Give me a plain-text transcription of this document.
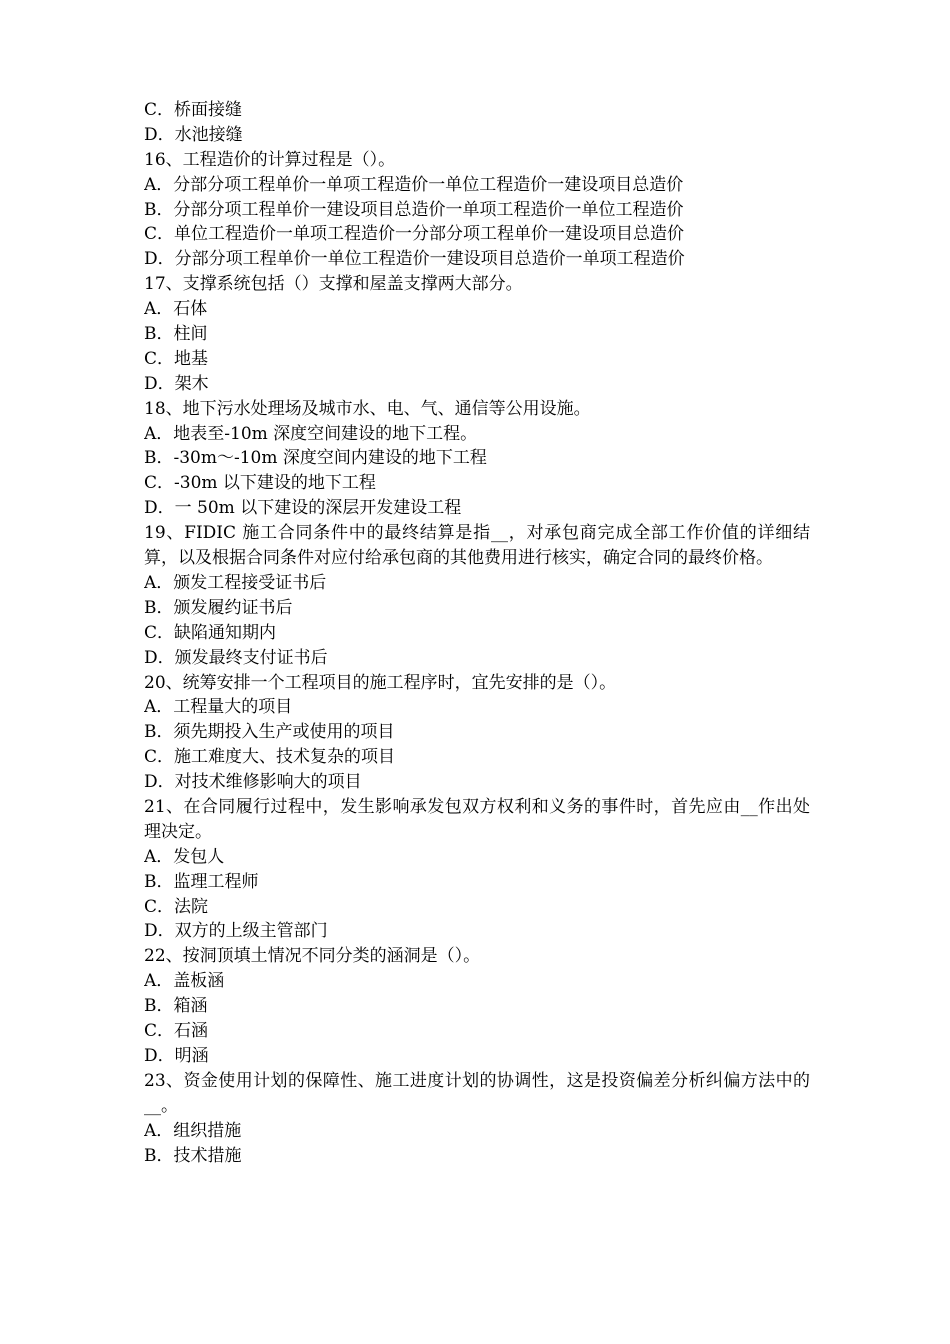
C．桥面接缝
D．水池接缝
16、工程造价的计算过程是（）。
A．分部分项工程单价一单项工程造价一单位工程造价一建设项目总造价
B．分部分项工程单价一建设项目总造价一单项工程造价一单位工程造价
C．单位工程造价一单项工程造价一分部分项工程单价一建设项目总造价
D．分部分项工程单价一单位工程造价一建设项目总造价一单项工程造价
17、支撑系统包括（）支撑和屋盖支撑两大部分。
A．石体
B．柱间
C．地基
D．架木
18、地下污水处理场及城市水、电、气、通信等公用设施。
A．地表至-10m 深度空间建设的地下工程。
B．-30m～-10m 深度空间内建设的地下工程
C．-30m 以下建设的地下工程
D．一 50m 以下建设的深层开发建设工程
19、FIDIC 施工合同条件中的最终结算是指__，对承包商完成全部工作价值的详细结算，以及根据合同条件对应付给承包商的其他费用进行核实，确定合同的最终价格。
A．颁发工程接受证书后
B．颁发履约证书后
C．缺陷通知期内
D．颁发最终支付证书后
20、统筹安排一个工程项目的施工程序时，宜先安排的是（）。
A．工程量大的项目
B．须先期投入生产或使用的项目
C．施工难度大、技术复杂的项目
D．对技术维修影响大的项目
21、在合同履行过程中，发生影响承发包双方权利和义务的事件时，首先应由__作出处理决定。
A．发包人
B．监理工程师
C．法院
D．双方的上级主管部门
22、按洞顶填土情况不同分类的涵洞是（）。
A．盖板涵
B．箱涵
C．石涵
D．明涵
23、资金使用计划的保障性、施工进度计划的协调性，这是投资偏差分析纠偏方法中的__。
A．组织措施
B．技术措施
